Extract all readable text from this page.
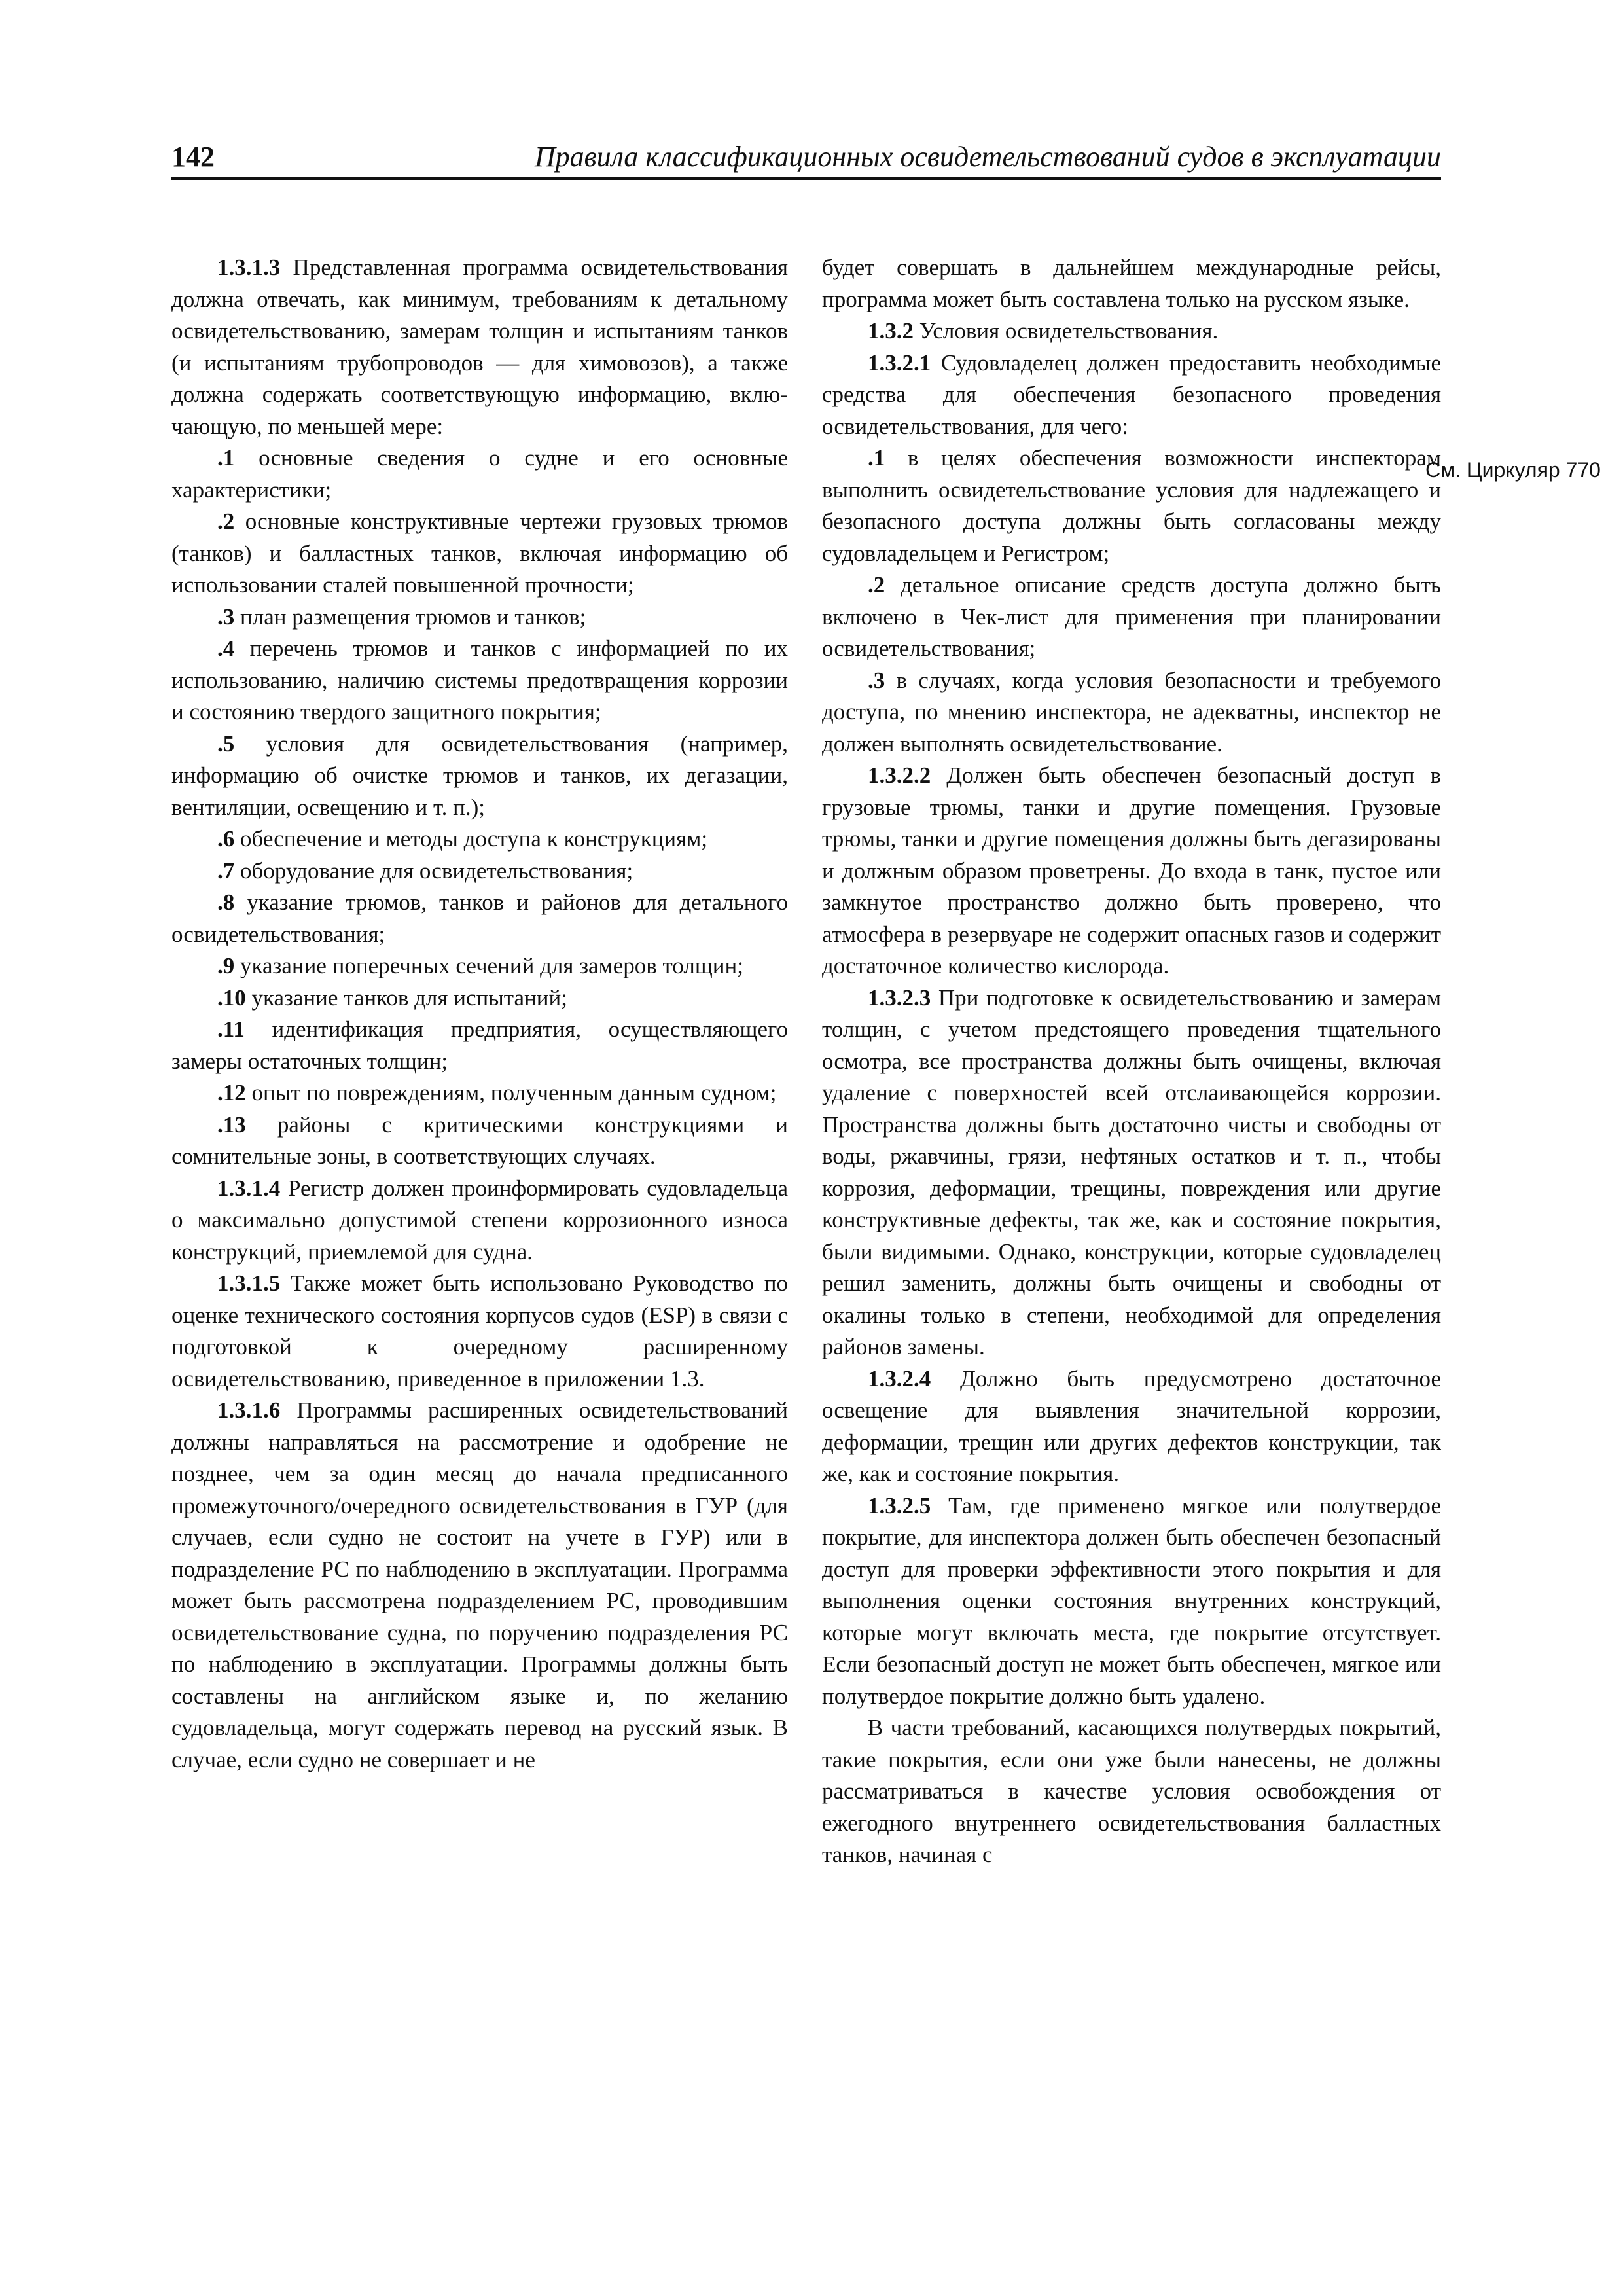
142	Правила классификационных освидетельствований судов в эксплуатации

1.3.1.3 Представленная программа освидетельствования должна отвечать, как минимум, требованиям к детальному освидетельствованию, замерам толщин и испытаниям танков (и испытаниям трубопроводов — для химовозов), а также должна содержать соответствующую информацию, включающую, по меньшей мере:

.1 основные сведения о судне и его основные характеристики;

.2 основные конструктивные чертежи грузовых трюмов (танков) и балластных танков, включая информацию об использовании сталей повышенной прочности;

.3 план размещения трюмов и танков;

.4 перечень трюмов и танков с информацией по их использованию, наличию системы предотвращения коррозии и состоянию твердого защитного покрытия;

.5 условия для освидетельствования (например, информацию об очистке трюмов и танков, их дегазации, вентиляции, освещению и т. п.);

.6 обеспечение и методы доступа к конструкциям;

.7 оборудование для освидетельствования;

.8 указание трюмов, танков и районов для детального освидетельствования;

.9 указание поперечных сечений для замеров толщин;

.10 указание танков для испытаний;

.11 идентификация предприятия, осуществляющего замеры остаточных толщин;

.12 опыт по повреждениям, полученным данным судном;

.13 районы с критическими конструкциями и сомнительные зоны, в соответствующих случаях.

1.3.1.4 Регистр должен проинформировать судовладельца о максимально допустимой степени коррозионного износа конструкций, приемлемой для судна.

1.3.1.5 Также может быть использовано Руководство по оценке технического состояния корпусов судов (ESP) в связи с подготовкой к очередному расширенному освидетельствованию, приведенное в приложении 1.3.

1.3.1.6 Программы расширенных освидетельствований должны направляться на рассмотрение и одобрение не позднее, чем за один месяц до начала предписанного промежуточного/очередного освидетельствования в ГУР (для случаев, если судно не состоит на учете в ГУР) или в подразделение РС по наблюдению в эксплуатации. Программа может быть рассмотрена подразделением РС, проводившим освидетельствование судна, по поручению подразделения РС по наблюдению в эксплуатации. Программы должны быть составлены на английском языке и, по желанию судовладельца, могут содержать перевод на русский язык. В случае, если судно не совершает и не

будет совершать в дальнейшем международные рейсы, программа может быть составлена только на русском языке.

1.3.2 Условия освидетельствования.

1.3.2.1 Судовладелец должен предоставить необходимые средства для обеспечения безопасного проведения освидетельствования, для чего:

.1 в целях обеспечения возможности инспекторам выполнить освидетельствование условия для надлежащего и безопасного доступа должны быть согласованы между судовладельцем и Регистром;

.2 детальное описание средств доступа должно быть включено в Чек-лист для применения при планировании освидетельствования;

.3 в случаях, когда условия безопасности и требуемого доступа, по мнению инспектора, не адекватны, инспектор не должен выполнять освидетельствование.

1.3.2.2 Должен быть обеспечен безопасный доступ в грузовые трюмы, танки и другие помещения. Грузовые трюмы, танки и другие помещения должны быть дегазированы и должным образом проветрены. До входа в танк, пустое или замкнутое пространство должно быть проверено, что атмосфера в резервуаре не содержит опасных газов и содержит достаточное количество кислорода.

1.3.2.3 При подготовке к освидетельствованию и замерам толщин, с учетом предстоящего проведения тщательного осмотра, все пространства должны быть очищены, включая удаление с поверхностей всей отслаивающейся коррозии. Пространства должны быть достаточно чисты и свободны от воды, ржавчины, грязи, нефтяных остатков и т. п., чтобы коррозия, деформации, трещины, повреждения или другие конструктивные дефекты, так же, как и состояние покрытия, были видимыми. Однако, конструкции, которые судовладелец решил заменить, должны быть очищены и свободны от окалины только в степени, необходимой для определения районов замены.

1.3.2.4 Должно быть предусмотрено достаточное освещение для выявления значительной коррозии, деформации, трещин или других дефектов конструкции, так же, как и состояние покрытия.

1.3.2.5 Там, где применено мягкое или полутвердое покрытие, для инспектора должен быть обеспечен безопасный доступ для проверки эффективности этого покрытия и для выполнения оценки состояния внутренних конструкций, которые могут включать места, где покрытие отсутствует. Если безопасный доступ не может быть обеспечен, мягкое или полутвердое покрытие должно быть удалено.

В части требований, касающихся полутвердых покрытий, такие покрытия, если они уже были нанесены, не должны рассматриваться в качестве условия освобождения от ежегодного внутреннего освидетельствования балластных танков, начиная с

См. Циркуляр 770
